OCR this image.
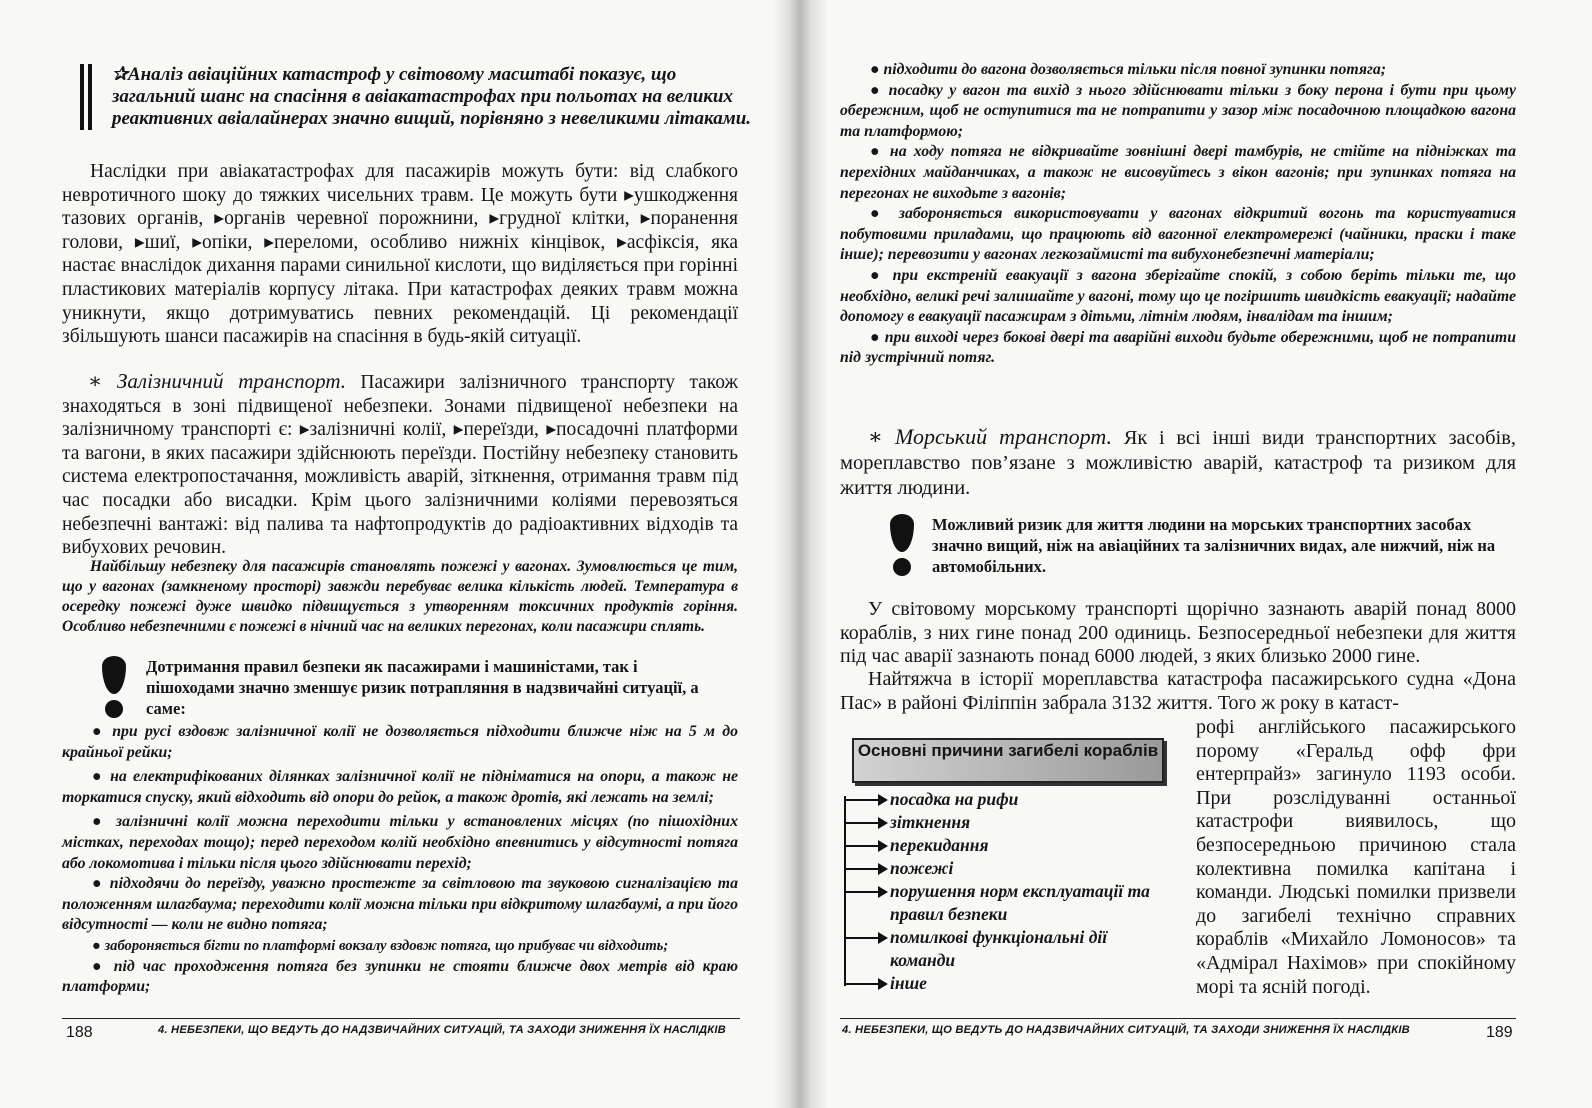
✰Аналіз авіаційних катастроф у світовому масштабі показує, що загальний шанс на спасіння в авіакатастрофах при польотах на великих реактивних авіалайнерах значно вищий, порівняно з невеликими літаками.

Наслідки при авіакатастрофах для пасажирів можуть бути: від слабкого невротичного шоку до тяжких чисельних травм. Це можуть бути ▸ушкодження тазових органів, ▸органів черевної порожнини, ▸грудної клітки, ▸поранення голови, ▸шиї, ▸опіки, ▸переломи, особливо нижніх кінцівок, ▸асфіксія, яка настає внаслідок дихання парами синильної кислоти, що виділяється при горінні пластикових матеріалів корпусу літака. При катастрофах деяких травм можна уникнути, якщо дотримуватись певних рекомендацій. Ці рекомендації збільшують шанси пасажирів на спасіння в будь-якій ситуації.

∗ Залізничний транспорт. Пасажири залізничного транспорту також знаходяться в зоні підвищеної небезпеки. Зонами підвищеної небезпеки на залізничному транспорті є: ▸залізничні колії, ▸переїзди, ▸посадочні платформи та вагони, в яких пасажири здійснюють переїзди. Постійну небезпеку становить система електропостачання, можливість аварій, зіткнення, отримання травм під час посадки або висадки. Крім цього залізничними коліями перевозяться небезпечні вантажі: від палива та нафтопродуктів до радіоактивних відходів та вибухових речовин.

Найбільшу небезпеку для пасажирів становлять пожежі у вагонах. Зумовлюється це тим, що у вагонах (замкненому просторі) завжди перебуває велика кількість людей. Температура в осередку пожежі дуже швидко підвищується з утворенням токсичних продуктів горіння. Особливо небезпечними є пожежі в нічний час на великих перегонах, коли пасажири сплять.

Дотримання правил безпеки як пасажирами і машиністами, так і пішоходами значно зменшує ризик потрапляння в надзвичайні ситуації, а саме:

● при русі вздовж залізничної колії не дозволяється підходити ближче ніж на 5 м до крайньої рейки;

● на електрифікованих ділянках залізничної колії не підніматися на опори, а також не торкатися спуску, який відходить від опори до рейок, а також дротів, які лежать на землі;

● залізничні колії можна переходити тільки у встановлених місцях (по пішохідних містках, переходах тощо); перед переходом колій необхідно впевнитись у відсутності потяга або локомотива і тільки після цього здійснювати перехід;

● підходячи до переїзду, уважно простежте за світловою та звуковою сигналізацією та положенням шлагбаума; переходити колії можна тільки при відкритому шлагбаумі, а при його відсутності — коли не видно потяга;

● забороняється бігти по платформі вокзалу вздовж потяга, що прибуває чи відходить;

● під час проходження потяга без зупинки не стояти ближче двох метрів від краю платформи;

188	4. НЕБЕЗПЕКИ, ЩО ВЕДУТЬ ДО НАДЗВИЧАЙНИХ СИТУАЦІЙ, ТА ЗАХОДИ ЗНИЖЕННЯ ЇХ НАСЛІДКІВ

● підходити до вагона дозволяється тільки після повної зупинки потяга;

● посадку у вагон та вихід з нього здійснювати тільки з боку перона і бути при цьому обережним, щоб не оступитися та не потрапити у зазор між посадочною площадкою вагона та платформою;

● на ходу потяга не відкривайте зовнішні двері тамбурів, не стійте на підніжках та перехідних майданчиках, а також не висовуйтесь з вікон вагонів; при зупинках потяга на перегонах не виходьте з вагонів;

● забороняється використовувати у вагонах відкритий вогонь та користуватися побутовими приладами, що працюють від вагонної електромережі (чайники, праски і таке інше); перевозити у вагонах легкозаймисті та вибухонебезпечні матеріали;

● при екстреній евакуації з вагона зберігайте спокій, з собою беріть тільки те, що необхідно, великі речі залишайте у вагоні, тому що це погіршить швидкість евакуації; надайте допомогу в евакуації пасажирам з дітьми, літнім людям, інвалідам та іншим;

● при виході через бокові двері та аварійні виходи будьте обережними, щоб не потрапити під зустрічний потяг.

∗ Морський транспорт. Як і всі інші види транспортних засобів, мореплавство пов’язане з можливістю аварій, катастроф та ризиком для життя людини.

Можливий ризик для життя людини на морських транспортних засобах значно вищий, ніж на авіаційних та залізничних видах, але нижчий, ніж на автомобільних.

У світовому морському транспорті щорічно зазнають аварій понад 8000 кораблів, з них гине понад 200 одиниць. Безпосередньої небезпеки для життя під час аварії зазнають понад 6000 людей, з яких близько 2000 гине.

Найтяжча в історії мореплавства катастрофа пасажирського судна «Дона Пас» в районі Філіппін забрала 3132 життя. Того ж року в катаст-

рофі англійського пасажирського порому «Геральд офф фри ентерпрайз» загинуло 1193 особи. При розслідуванні останньої катастрофи виявилось, що безпосередньою причиною стала колективна помилка капітана і команди. Людські помилки призвели до загибелі технічно справних кораблів «Михайло Ломоносов» та «Адмірал Нахімов» при спокійному морі та ясній погоді.

4. НЕБЕЗПЕКИ, ЩО ВЕДУТЬ ДО НАДЗВИЧАЙНИХ СИТУАЦІЙ, ТА ЗАХОДИ ЗНИЖЕННЯ ЇХ НАСЛІДКІВ	189
Основні причини загибелі кораблів
посадка на рифи
зіткнення
перекидання
пожежі
порушення норм експлуатації та правил безпеки
помилкові функціональні дії команди
інше
